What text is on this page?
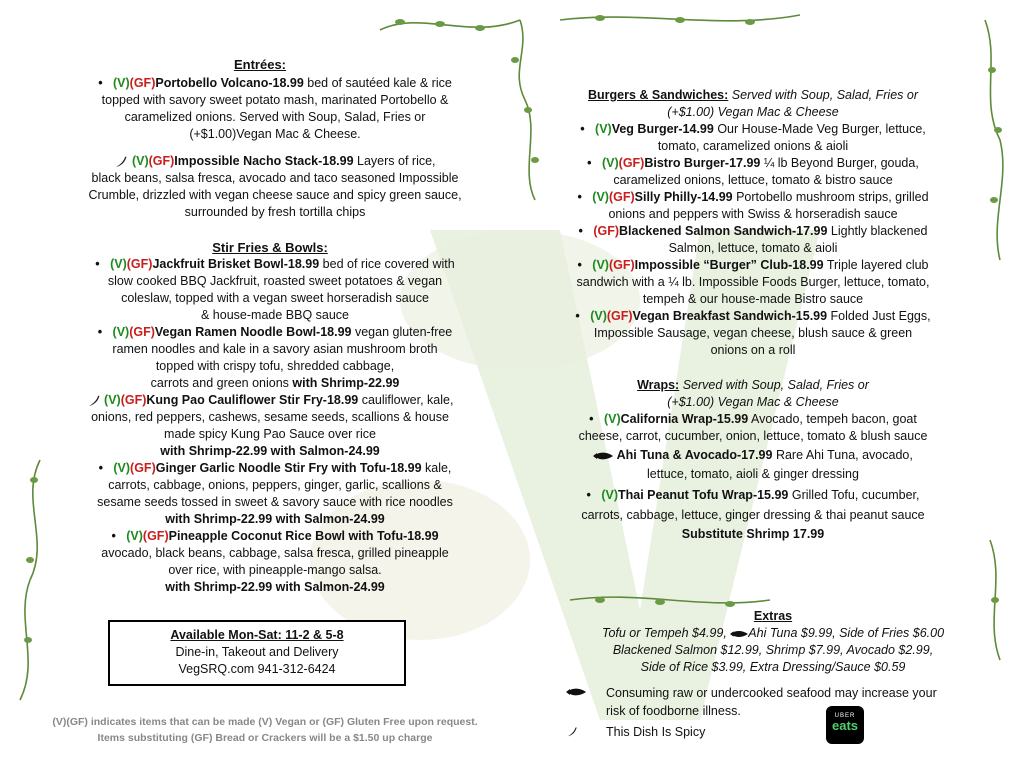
Entrées:
• (V)(GF)Portobello Volcano-18.99 bed of sautéed kale & rice
topped with savory sweet potato mash, marinated Portobello &
caramelized onions. Served with Soup, Salad, Fries or
(+$1.00)Vegan Mac & Cheese.
(V)(GF)Impossible Nacho Stack-18.99 Layers of rice,
black beans, salsa fresca, avocado and taco seasoned Impossible
Crumble, drizzled with vegan cheese sauce and spicy green sauce,
surrounded by fresh tortilla chips
Stir Fries & Bowls:
• (V)(GF)Jackfruit Brisket Bowl-18.99 bed of rice covered with
slow cooked BBQ Jackfruit, roasted sweet potatoes & vegan
coleslaw, topped with a vegan sweet horseradish sauce
& house-made BBQ sauce
• (V)(GF)Vegan Ramen Noodle Bowl-18.99 vegan gluten-free
ramen noodles and kale in a savory asian mushroom broth
topped with crispy tofu, shredded cabbage,
carrots and green onions with Shrimp-22.99
(V)(GF)Kung Pao Cauliflower Stir Fry-18.99 cauliflower, kale,
onions, red peppers, cashews, sesame seeds, scallions & house
made spicy Kung Pao Sauce over rice
with Shrimp-22.99 with Salmon-24.99
• (V)(GF)Ginger Garlic Noodle Stir Fry with Tofu-18.99 kale,
carrots, cabbage, onions, peppers, ginger, garlic, scallions &
sesame seeds tossed in sweet & savory sauce with rice noodles
with Shrimp-22.99 with Salmon-24.99
• (V)(GF)Pineapple Coconut Rice Bowl with Tofu-18.99
avocado, black beans, cabbage, salsa fresca, grilled pineapple
over rice, with pineapple-mango salsa.
with Shrimp-22.99 with Salmon-24.99
Available Mon-Sat: 11-2 & 5-8
Dine-in, Takeout and Delivery
VegSRQ.com 941-312-6424
(V)(GF) indicates items that can be made (V) Vegan or (GF) Gluten Free upon request.
Items substituting (GF) Bread or Crackers will be a $1.50 up charge
Burgers & Sandwiches: Served with Soup, Salad, Fries or
(+$1.00) Vegan Mac & Cheese
• (V)Veg Burger-14.99 Our House-Made Veg Burger, lettuce,
tomato, caramelized onions & aioli
• (V)(GF)Bistro Burger-17.99 ¼ lb Beyond Burger, gouda,
caramelized onions, lettuce, tomato & bistro sauce
• (V)(GF)Silly Philly-14.99 Portobello mushroom strips, grilled
onions and peppers with Swiss & horseradish sauce
• (GF)Blackened Salmon Sandwich-17.99 Lightly blackened
Salmon, lettuce, tomato & aioli
• (V)(GF)Impossible “Burger” Club-18.99 Triple layered club
sandwich with a ¼ lb. Impossible Foods Burger, lettuce, tomato,
tempeh & our house-made Bistro sauce
• (V)(GF)Vegan Breakfast Sandwich-15.99 Folded Just Eggs,
Impossible Sausage, vegan cheese, blush sauce & green
onions on a roll
Wraps: Served with Soup, Salad, Fries or
(+$1.00) Vegan Mac & Cheese
• (V)California Wrap-15.99 Avocado, tempeh bacon, goat
cheese, carrot, cucumber, onion, lettuce, tomato & blush sauce
Ahi Tuna & Avocado-17.99 Rare Ahi Tuna, avocado,
lettuce, tomato, aioli & ginger dressing
• (V)Thai Peanut Tofu Wrap-15.99 Grilled Tofu, cucumber,
carrots, cabbage, lettuce, ginger dressing & thai peanut sauce
Substitute Shrimp 17.99
Extras
Tofu or Tempeh $4.99, Ahi Tuna $9.99, Side of Fries $6.00
Blackened Salmon $12.99, Shrimp $7.99, Avocado $2.99,
Side of Rice $3.99, Extra Dressing/Sauce $0.59
Consuming raw or undercooked seafood may increase your
risk of foodborne illness.
This Dish Is Spicy
UBER
eats
